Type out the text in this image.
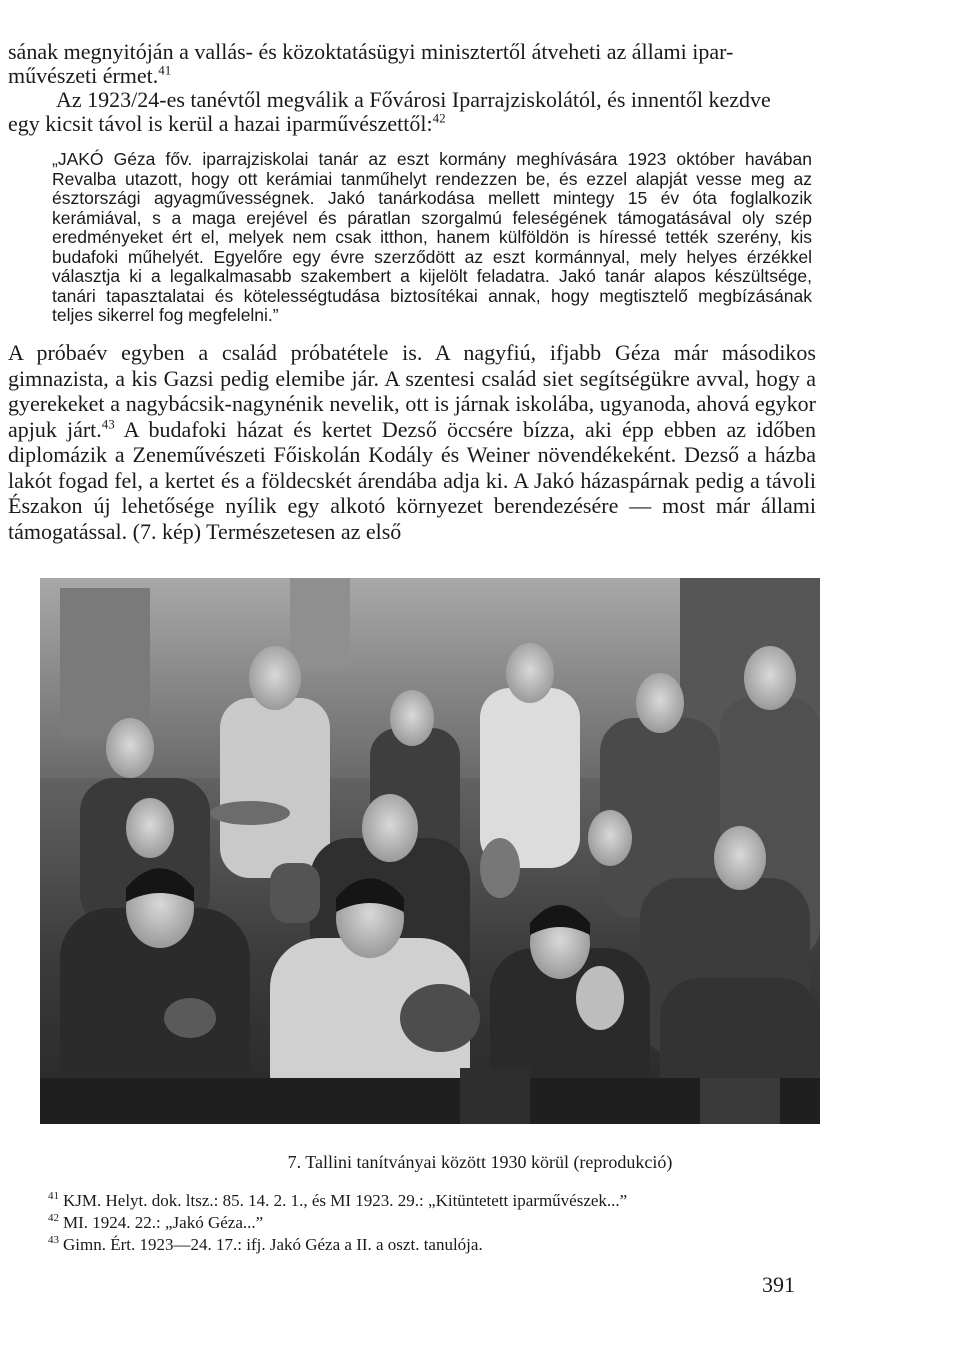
sának megnyitóján a vallás- és közoktatásügyi minisztertől átveheti az állami ipar-

művészeti érmet.$^{41}$

Az 1923/24-es tanévtől megválik a Fővárosi Iparrajziskolától, és innentől kezdve

egy kicsit távol is kerül a hazai iparművészettől:$^{42}$

„JAKÓ Géza főv. iparrajziskolai tanár az eszt kormány meghívására 1923 október havában Revalba utazott, hogy ott kerámiai tanműhelyt rendezzen be, és ezzel alapját vesse meg az észtországi agyagművességnek. Jakó tanárkodása mellett mintegy 15 év óta foglalkozik kerámiával, s a maga erejével és páratlan szorgalmú feleségének támogatásával oly szép eredményeket ért el, melyek nem csak itthon, hanem külföldön is híressé tették szerény, kis budafoki műhelyét. Egyelőre egy évre szerződött az eszt kormánnyal, mely helyes érzékkel választja ki a legalkalmasabb szakembert a kijelölt feladatra. Jakó tanár alapos készültsége, tanári tapasztalatai és kötelességtudása biztosítékai annak, hogy megtisztelő megbízásának teljes sikerrel fog megfelelni.”

A próbaév egyben a család próbatétele is. A nagyfiú, ifjabb Géza már másodikos gimnazista, a kis Gazsi pedig elemibe jár. A szentesi család siet segítségükre avval, hogy a gyerekeket a nagybácsik-nagynénik nevelik, ott is járnak iskolába, ugyanoda, ahová egykor apjuk járt.$^{43}$ A budafoki házat és kertet Dezső öccsére bízza, aki épp ebben az időben diplomázik a Zeneművészeti Főiskolán Kodály és Weiner növendékeként. Dezső a házba lakót fogad fel, a kertet és a földecskét árendába adja ki. A Jakó házaspárnak pedig a távoli Északon új lehetősége nyílik egy alkotó környezet berendezésére — most már állami támogatással. (7. kép) Természetesen az első

7. Tallini tanítványai között 1930 körül (reprodukció)
$^{41}$ KJM. Helyt. dok. ltsz.: 85. 14. 2. 1., és MI 1923. 29.: „Kitüntetett iparművészek...”
$^{42}$ MI. 1924. 22.: „Jakó Géza...”
$^{43}$ Gimn. Ért. 1923—24. 17.: ifj. Jakó Géza a II. a oszt. tanulója.
391
